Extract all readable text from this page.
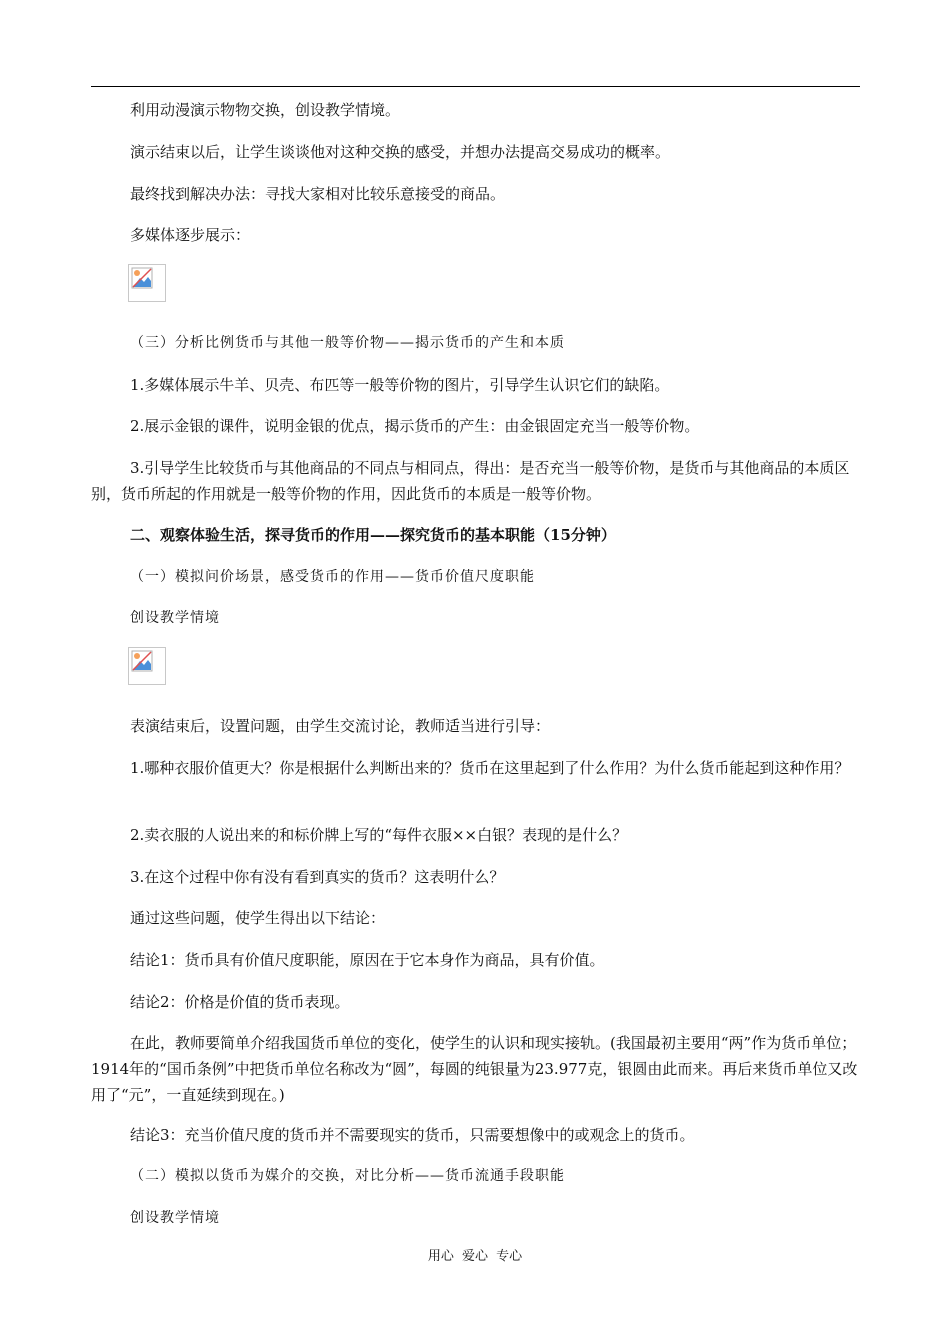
利用动漫演示物物交换，创设教学情境。
演示结束以后，让学生谈谈他对这种交换的感受，并想办法提高交易成功的概率。
最终找到解决办法：寻找大家相对比较乐意接受的商品。
多媒体逐步展示：
（三）分析比例货币与其他一般等价物——揭示货币的产生和本质
1.多媒体展示牛羊、贝壳、布匹等一般等价物的图片，引导学生认识它们的缺陷。
2.展示金银的课件，说明金银的优点，揭示货币的产生：由金银固定充当一般等价物。
3.引导学生比较货币与其他商品的不同点与相同点，得出：是否充当一般等价物，是货币与其他商品的本质区别，货币所起的作用就是一般等价物的作用，因此货币的本质是一般等价物。
二、观察体验生活，探寻货币的作用——探究货币的基本职能（15分钟）
（一）模拟问价场景，感受货币的作用——货币价值尺度职能
创设教学情境
表演结束后，设置问题，由学生交流讨论，教师适当进行引导：
1.哪种衣服价值更大？你是根据什么判断出来的？货币在这里起到了什么作用？为什么货币能起到这种作用？
2.卖衣服的人说出来的和标价牌上写的“每件衣服××白银？表现的是什么？
3.在这个过程中你有没有看到真实的货币？这表明什么？
通过这些问题，使学生得出以下结论：
结论1：货币具有价值尺度职能，原因在于它本身作为商品，具有价值。
结论2：价格是价值的货币表现。
在此，教师要简单介绍我国货币单位的变化，使学生的认识和现实接轨。(我国最初主要用“两”作为货币单位；1914年的“国币条例”中把货币单位名称改为“圆”，每圆的纯银量为23.977克，银圆由此而来。再后来货币单位又改用了“元”，一直延续到现在。)
结论3：充当价值尺度的货币并不需要现实的货币，只需要想像中的或观念上的货币。
（二）模拟以货币为媒介的交换，对比分析——货币流通手段职能
创设教学情境
用心 爱心 专心
